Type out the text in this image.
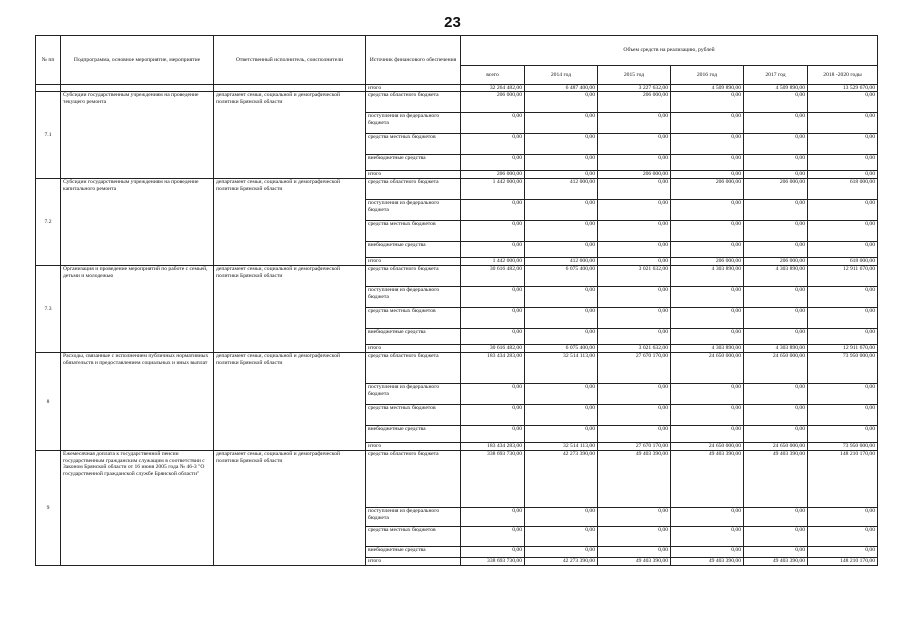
23
№ пп	Подпрограмма, основное мероприятие, мероприятие	Ответственный исполнитель, соисполнители	Источник финансового обеспечения	Объем средств на реализацию, рублей					
				всего	2014 год	2015 год	2016 год	2017 год	2018 -2020 годы
			итого	32 264 482,00	6 487 400,00	3 227 632,00	4 509 890,00	4 509 890,00	13 529 670,00
7.1	Субсидии государственным учреждениям на проведение текущего ремонта	департамент семьи, социальной и демографической политики Брянской области	средства областного бюджета	206 000,00	0,00	206 000,00	0,00	0,00	0,00
			поступления из федерального бюджета	0,00	0,00	0,00	0,00	0,00	0,00
			средства местных бюджетов	0,00	0,00	0,00	0,00	0,00	0,00
			внебюджетные средства	0,00	0,00	0,00	0,00	0,00	0,00
			итого	206 000,00	0,00	206 000,00	0,00	0,00	0,00
7.2	Субсидии государственным учреждениям на проведение капитального ремонта	департамент семьи, социальной и демографической политики Брянской области	средства областного бюджета	1 442 000,00	412 000,00	0,00	206 000,00	206 000,00	618 000,00
			поступления из федерального бюджета	0,00	0,00	0,00	0,00	0,00	0,00
			средства местных бюджетов	0,00	0,00	0,00	0,00	0,00	0,00
			внебюджетные средства	0,00	0,00	0,00	0,00	0,00	0,00
			итого	1 442 000,00	412 000,00	0,00	206 000,00	206 000,00	618 000,00
7.3	Организация и проведение мероприятий по работе с семьей, детьми и молодежью	департамент семьи, социальной и демографической политики Брянской области	средства областного бюджета	30 616 482,00	6 075 400,00	3 021 632,00	4 303 890,00	4 303 890,00	12 911 670,00
			поступления из федерального бюджета	0,00	0,00	0,00	0,00	0,00	0,00
			средства местных бюджетов	0,00	0,00	0,00	0,00	0,00	0,00
			внебюджетные средства	0,00	0,00	0,00	0,00	0,00	0,00
			итого	30 616 482,00	6 075 400,00	3 021 632,00	4 303 890,00	4 303 890,00	12 911 670,00
8	Расходы, связанные с исполнением публичных нормативных обязательств и предоставлением социальных и иных выплат	департамент семьи, социальной и демографической политики Брянской области	средства областного бюджета	183 434 283,00	32 514 113,00	27 670 170,00	24 650 000,00	24 650 000,00	73 950 000,00
			поступления из федерального бюджета	0,00	0,00	0,00	0,00	0,00	0,00
			средства местных бюджетов	0,00	0,00	0,00	0,00	0,00	0,00
			внебюджетные средства	0,00	0,00	0,00	0,00	0,00	0,00
			итого	183 434 283,00	32 514 113,00	27 670 170,00	24 650 000,00	24 650 000,00	73 950 000,00
9	Ежемесячная доплата к государственной пенсии государственным гражданским служащим в соответствии с Законом Брянской области от 16 июня 2005 года № 46-З "О государственной гражданской службе Брянской области"	департамент семьи, социальной и демографической политики Брянской области	средства областного бюджета	338 693 730,00	42 273 390,00	49 403 390,00	49 403 390,00	49 403 390,00	148 210 170,00
			поступления из федерального бюджета	0,00	0,00	0,00	0,00	0,00	0,00
			средства местных бюджетов	0,00	0,00	0,00	0,00	0,00	0,00
			внебюджетные средства	0,00	0,00	0,00	0,00	0,00	0,00
			итого	338 693 730,00	42 273 390,00	49 403 390,00	49 403 390,00	49 403 390,00	148 210 170,00
